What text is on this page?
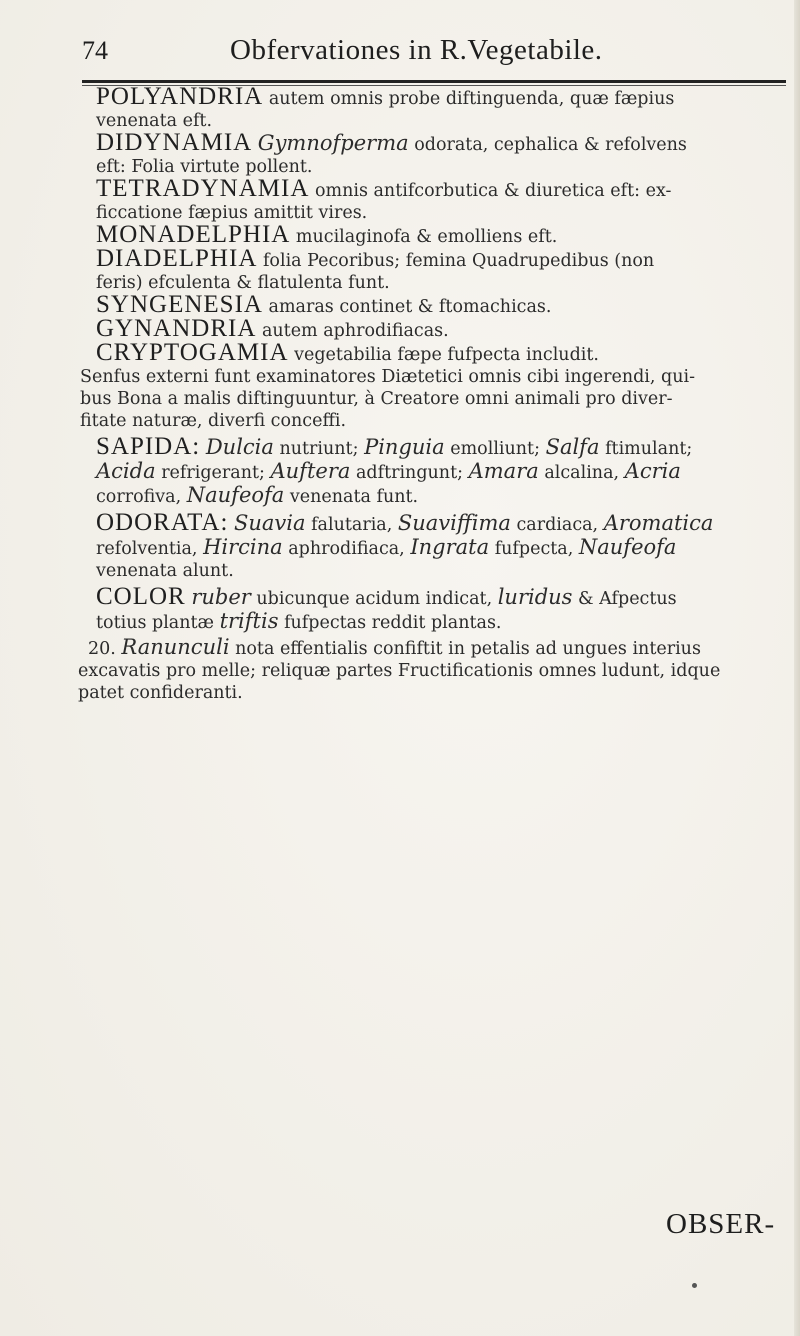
74	Obfervationes in R.Vegetabile.
POLYANDRIA autem omnis probe diftinguenda, quæ fæpius
venenata eft.
DIDYNAMIA Gymnofperma odorata, cephalica & refolvens
eft: Folia virtute pollent.
TETRADYNAMIA omnis antifcorbutica & diuretica eft: ex-
ficcatione fæpius amittit vires.
MONADELPHIA mucilaginofa & emolliens eft.
DIADELPHIA folia Pecoribus; femina Quadrupedibus (non
feris) efculenta & flatulenta funt.
SYNGENESIA amaras continet & ftomachicas.
GYNANDRIA autem aphrodifiacas.
CRYPTOGAMIA vegetabilia fæpe fufpecta includit.
Senfus externi funt examinatores Diætetici omnis cibi ingerendi, qui-
bus Bona a malis diftinguuntur, à Creatore omni animali pro diver-
fitate naturæ, diverfi conceffi.
SAPIDA: Dulcia nutriunt; Pinguia emolliunt; Salfa ftimulant;
Acida refrigerant; Auftera adftringunt; Amara alcalina, Acria
corrofiva, Naufeofa venenata funt.
ODORATA: Suavia falutaria, Suaviffima cardiaca, Aromatica
refolventia, Hircina aphrodifiaca, Ingrata fufpecta, Naufeofa
venenata alunt.
COLOR ruber ubicunque acidum indicat, luridus & Afpectus
totius plantæ triftis fufpectas reddit plantas.
20. Ranunculi nota effentialis confiftit in petalis ad ungues interius
excavatis pro melle; reliquæ partes Fructificationis omnes ludunt, idque
patet confideranti.
OBSER-
